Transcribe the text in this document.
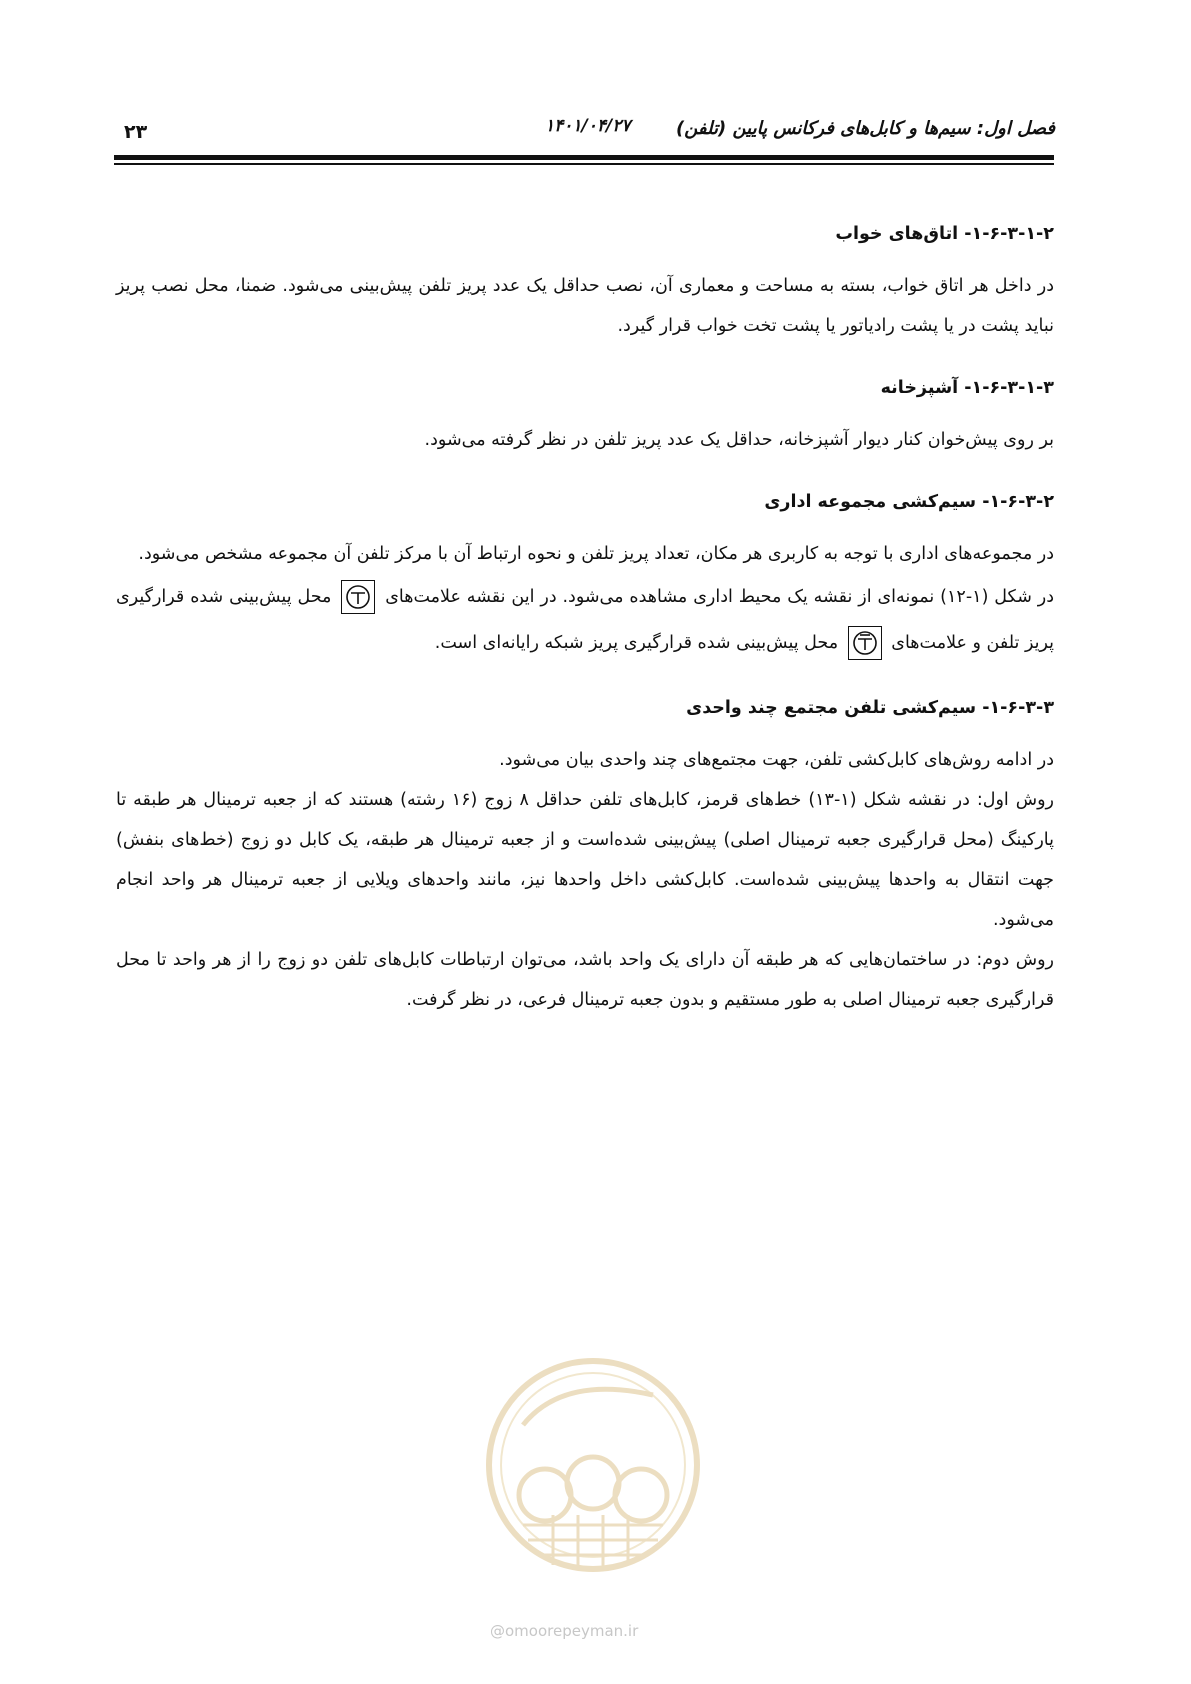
۲۳	۱۴۰۱/۰۴/۲۷	فصل اول: سیم‌ها و کابل‌های فرکانس پایین (تلفن)
۱-۶-۳-۱-۲- اتاق‌های خواب

در داخل هر اتاق خواب، بسته به مساحت و معماری آن، نصب حداقل یک عدد پریز تلفن پیش‌بینی می‌شود. ضمنا، محل نصب پریز نباید پشت در یا پشت رادیاتور یا پشت تخت خواب قرار گیرد.

۱-۶-۳-۱-۳- آشپزخانه

بر روی پیش‌خوان کنار دیوار آشپزخانه، حداقل یک عدد پریز تلفن در نظر گرفته می‌شود.

۱-۶-۳-۲- سیم‌کشی مجموعه اداری

در مجموعه‌های اداری با توجه به کاربری هر مکان، تعداد پریز تلفن و نحوه ارتباط آن با مرکز تلفن آن مجموعه مشخص می‌شود.

در شکل (۱-۱۲) نمونه‌ای از نقشه یک محیط اداری مشاهده می‌شود. در این نقشه علامت‌های
محل پیش‌بینی شده قرارگیری پریز تلفن و علامت‌های
محل پیش‌بینی شده قرارگیری پریز شبکه رایانه‌ای است.

۱-۶-۳-۳- سیم‌کشی تلفن مجتمع چند واحدی

در ادامه روش‌های کابل‌کشی تلفن، جهت مجتمع‌های چند واحدی بیان می‌شود.

روش اول: در نقشه شکل (۱-۱۳) خط‌های قرمز، کابل‌های تلفن حداقل ۸ زوج (۱۶ رشته) هستند که از جعبه ترمینال هر طبقه تا پارکینگ (محل قرارگیری جعبه ترمینال اصلی) پیش‌بینی شده‌است و از جعبه ترمینال هر طبقه، یک کابل دو زوج (خط‌های بنفش) جهت انتقال به واحدها پیش‌بینی شده‌است. کابل‌کشی داخل واحدها نیز، مانند واحدهای ویلایی از جعبه ترمینال هر واحد انجام می‌شود.

روش دوم: در ساختمان‌هایی که هر طبقه آن دارای یک واحد باشد، می‌توان ارتباطات کابل‌های تلفن دو زوج را از هر واحد تا محل قرارگیری جعبه ترمینال اصلی به طور مستقیم و بدون جعبه ترمینال فرعی، در نظر گرفت.

@omoorepeyman.ir
